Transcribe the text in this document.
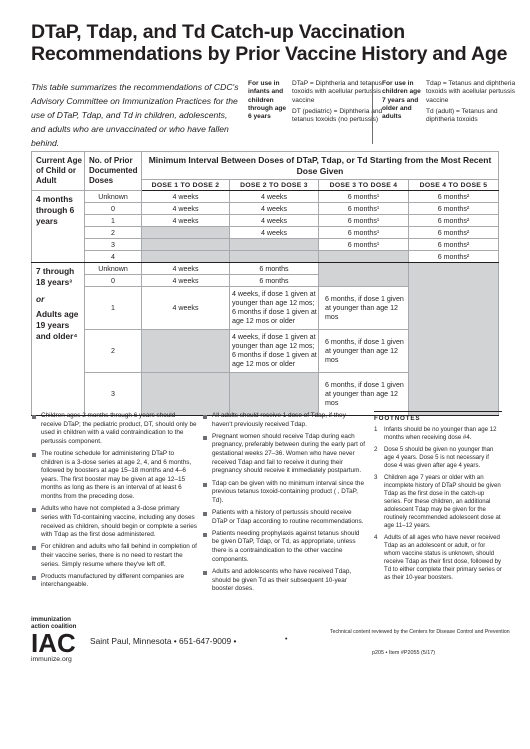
DTaP, Tdap, and Td Catch-up Vaccination Recommendations by Prior Vaccine History and Age
This table summarizes the recommendations of CDC's Advisory Committee on Immunization Practices for the use of DTaP, Tdap, and Td in children, adolescents, and adults who are unvaccinated or who have fallen behind.
For use in infants and children through age 6 years
DTaP = Diphtheria and tetanus toxoids with acellular pertussis vaccine
DT (pediatric) = Diphtheria and tetanus toxoids (no pertussis)
For use in children age 7 years and older and adults
Tdap = Tetanus and diphtheria toxoids with acellular pertussis vaccine
Td (adult) = Tetanus and diphtheria toxoids
Current Age of Child or Adult	No. of Prior Documented Doses	Minimum Interval Between Doses of DTaP, Tdap, or Td Starting from the Most Recent Dose Given			
		DOSE 1 TO DOSE 2	DOSE 2 TO DOSE 3	DOSE 3 TO DOSE 4	DOSE 4 TO DOSE 5
4 months through 6 years	Unknown	4 weeks	4 weeks	6 months¹	6 months²
	0	4 weeks	4 weeks	6 months¹	6 months²
	1	4 weeks	4 weeks	6 months¹	6 months²
	2		4 weeks	6 months¹	6 months²
	3			6 months¹	6 months²
	4				6 months²

7 through 18 years³
or
Adults age 19 years and older⁴	Unknown	4 weeks	6 months		
	0	4 weeks	6 months		
	1	4 weeks	4 weeks, if dose 1 given at younger than age 12 mos; 6 months if dose 1 given at age 12 mos or older	6 months, if dose 1 given at younger than age 12 mos	
	2		4 weeks, if dose 1 given at younger than age 12 mos; 6 months if dose 1 given at age 12 mos or older	6 months, if dose 1 given at younger than age 12 mos	
	3			6 months, if dose 1 given at younger than age 12 mos	
Children ages 2 months through 6 years should receive DTaP; the pediatric product, DT, should only be used in children with a valid contraindication to the pertussis component.
The routine schedule for administering DTaP to children is a 3-dose series at age 2, 4, and 6 months, followed by boosters at age 15–18 months and 4–6 years. The first booster may be given at age 12–15 months as long as there is an interval of at least 6 months from the preceding dose.
Adults who have not completed a 3-dose primary series with Td-containing vaccine, including any doses received as children, should begin or complete a series with Tdap as the first dose administered.
For children and adults who fall behind in completion of their vaccine series, there is no need to restart the series. Simply resume where they've left off.
Products manufactured by different companies are interchangeable.
All adults should receive 1 dose of Tdap, if they haven't previously received Tdap.
Pregnant women should receive Tdap during each pregnancy, preferably between during the early part of gestational weeks 27–36. Women who have never received Tdap and fail to receive it during their pregnancy should receive it immediately postpartum.
Tdap can be given with no minimum interval since the previous tetanus toxoid-containing product ( , DTaP, Td).
Patients with a history of pertussis should receive DTaP or Tdap according to routine recommendations.
Patients needing prophylaxis against tetanus should be given DTaP, Tdap, or Td, as appropriate, unless there is a contraindication to the other vaccine components.
Adults and adolescents who have received Tdap, should be given Td as their subsequent 10-year booster doses.
FOOTNOTES
1 Infants should be no younger than age 12 months when receiving dose #4.
2 Dose 5 should be given no younger than age 4 years. Dose 5 is not necessary if dose 4 was given after age 4 years.
3 Children age 7 years or older with an incomplete history of DTaP should be given Tdap as the first dose in the catch-up series. For these children, an additional adolescent Tdap may be given for the routinely recommended adolescent dose at age 11–12 years.
4 Adults of all ages who have never received Tdap as an adolescent or adult, or for whom vaccine status is unknown, should receive Tdap as their first dose, followed by Td to either complete their primary series or as their 10-year boosters.
immunization
action coalition
IAC
immunize.org
Saint Paul, Minnesota • 651-647-9009 •	•
Technical content reviewed by the Centers for Disease Control and Prevention
p205 • Item #P2055 (5/17)
